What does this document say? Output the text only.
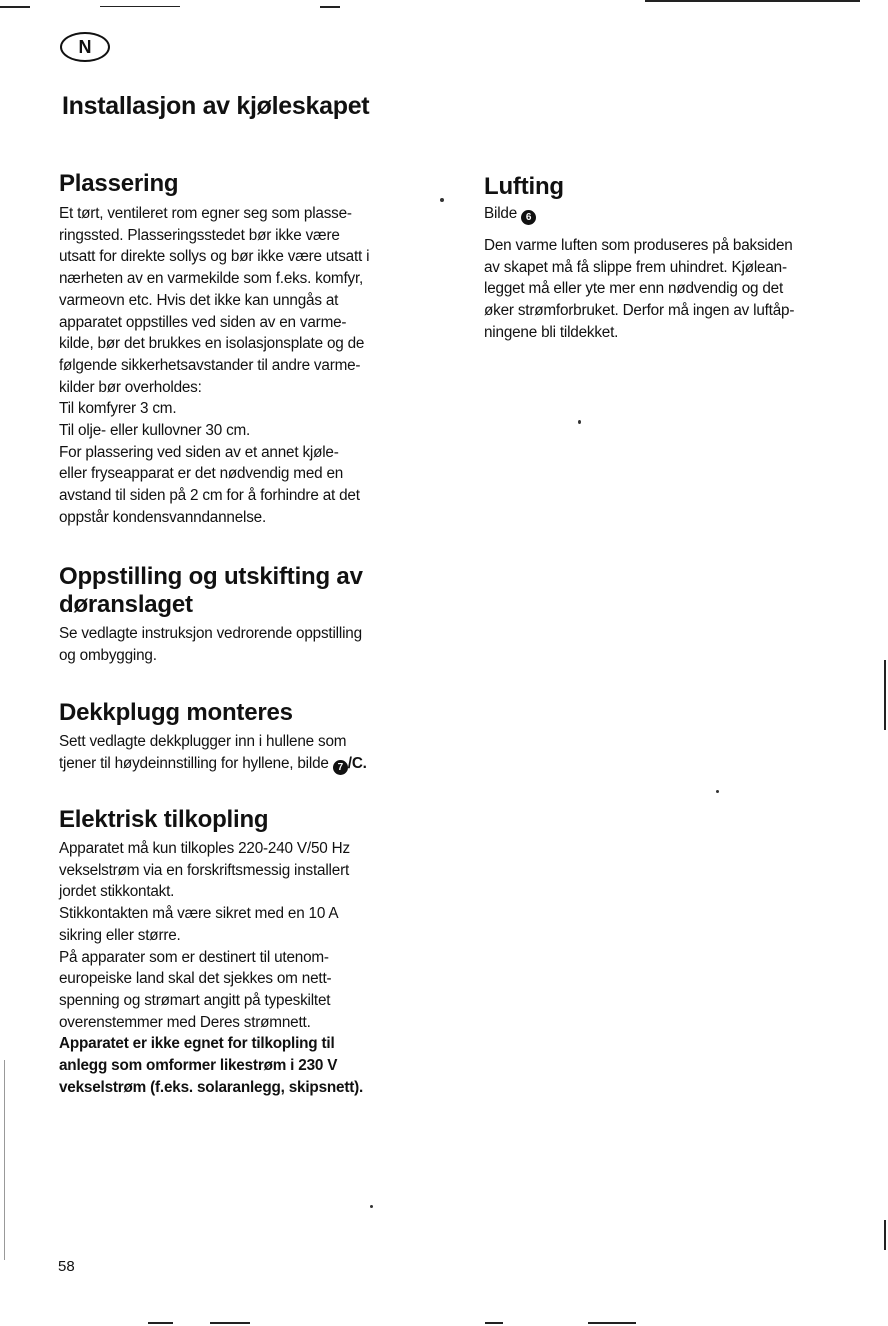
N
Installasjon av kjøleskapet
Plassering

Et tørt, ventileret rom egner seg som plasse-

ringssted. Plasseringsstedet bør ikke være

utsatt for direkte sollys og bør ikke være utsatt i

nærheten av en varmekilde som f.eks. komfyr,

varmeovn etc. Hvis det ikke kan unngås at

apparatet oppstilles ved siden av en varme-

kilde, bør det brukkes en isolasjonsplate og de

følgende sikkerhetsavstander til andre varme-

kilder bør overholdes:

Til komfyrer 3 cm.

Til olje- eller kullovner 30 cm.

For plassering ved siden av et annet kjøle-

eller fryseapparat er det nødvendig med en

avstand til siden på 2 cm for å forhindre at det

oppstår kondensvanndannelse.

Oppstilling og utskifting av
døranslaget

Se vedlagte instruksjon vedrorende oppstilling

og ombygging.

Dekkplugg monteres

Sett vedlagte dekkplugger inn i hullene som

tjener til høydeinnstilling for hyllene, bilde 7 /C.

Elektrisk tilkopling

Apparatet må kun tilkoples 220-240 V/50 Hz

vekselstrøm via en forskriftsmessig installert

jordet stikkontakt.

Stikkontakten må være sikret med en 10 A

sikring eller større.

På apparater som er destinert til utenom-

europeiske land skal det sjekkes om nett-

spenning og strømart angitt på typeskiltet

overenstemmer med Deres strømnett.

Apparatet er ikke egnet for tilkopling til

anlegg som omformer likestrøm i 230 V

vekselstrøm (f.eks. solaranlegg, skipsnett).

Lufting
Bilde 6

Den varme luften som produseres på baksiden

av skapet må få slippe frem uhindret. Kjølean-

legget må eller yte mer enn nødvendig og det

øker strømforbruket. Derfor må ingen av luftåp-

ningene bli tildekket.

58
